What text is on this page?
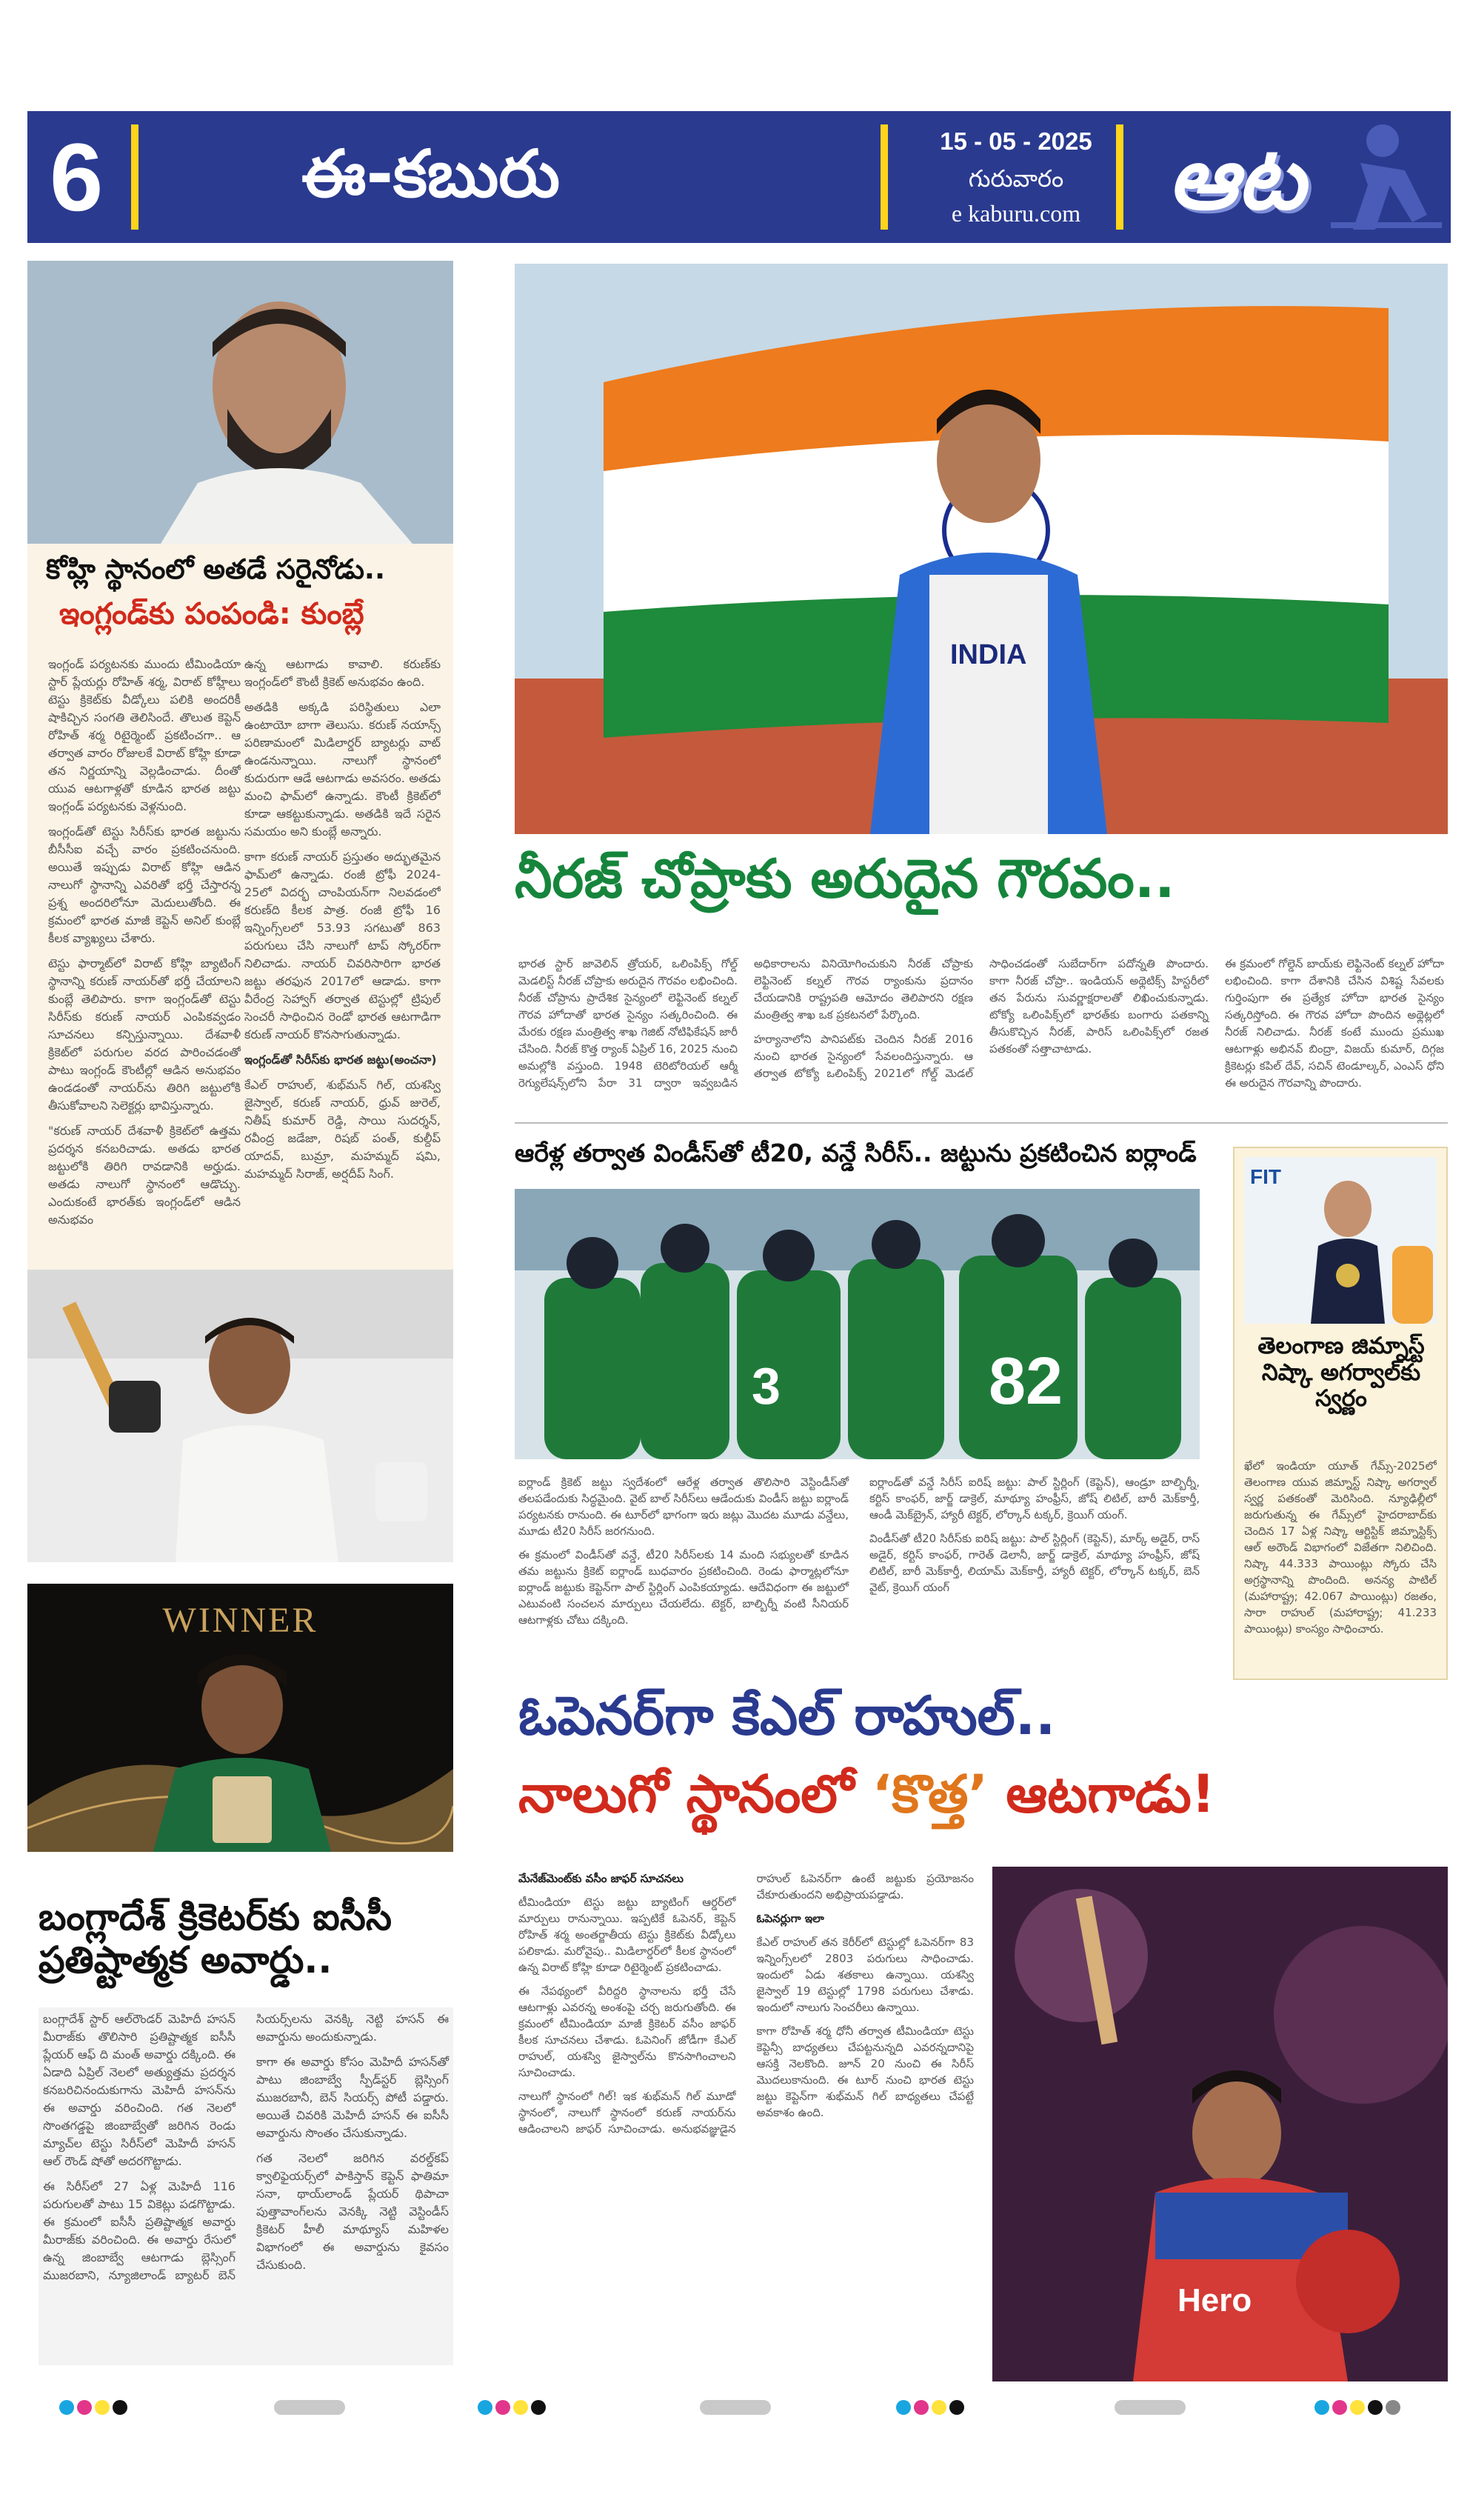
6	ఈ-కబురు	15 - 05 - 2025
గురువారం
e kaburu.com ఆట
కోహ్లి స్థానంలో అతడే సరైనోడు..
ఇంగ్లండ్‌కు పంపండి: కుంబ్లే

ఇంగ్లండ్ పర్యటనకు ముందు టీమిండియా స్టార్ ప్లేయర్లు రోహిత్ శర్మ, విరాట్ కోహ్లీలు టెస్టు క్రికెట్‌కు వీడ్కోలు పలికి అందరికీ షాకిచ్చిన సంగతి తెలిసిందే. తొలుత కెప్టెన్ రోహిత్ శర్మ రిటైర్మెంట్ ప్రకటించగా.. ఆ తర్వాత వారం రోజులకే విరాట్ కోహ్లి కూడా తన నిర్ణయాన్ని వెల్లడించాడు. దీంతో యువ ఆటగాళ్లతో కూడిన భారత జట్టు ఇంగ్లండ్ పర్యటనకు వెళ్లనుంది.

ఇంగ్లండ్‌తో టెస్టు సిరీస్‌కు భారత జట్టును బీసీసీఐ వచ్చే వారం ప్రకటించనుంది. అయితే ఇప్పుడు విరాట్ కోహ్లి ఆడిన నాలుగో స్థానాన్ని ఎవరితో భర్తీ చేస్తారన్న ప్రశ్న అందరిలోనూ మెదులుతోంది. ఈ క్రమంలో భారత మాజీ కెప్టెన్ అనిల్ కుంబ్లే కీలక వ్యాఖ్యలు చేశారు.

టెస్టు ఫార్మాట్‌లో విరాట్ కోహ్లి బ్యాటింగ్ స్థానాన్ని కరుణ్ నాయర్‌తో భర్తీ చేయాలని కుంబ్లే తెలిపారు. కాగా ఇంగ్లండ్‌తో టెస్టు సిరీస్‌కు కరుణ్ నాయర్ ఎంపికవ్వడం సూచనలు కన్పిస్తున్నాయి. దేశవాళీ క్రికెట్‌లో పరుగుల వరద పారించడంతో పాటు ఇంగ్లండ్ కౌంటీల్లో ఆడిన అనుభవం ఉండడంతో నాయర్‌ను తిరిగి జట్టులోకి తీసుకోవాలని సెలెక్టర్లు భావిస్తున్నారు.

"కరుణ్ నాయర్ దేశవాళీ క్రికెట్‌లో ఉత్తమ ప్రదర్శన కనబరిచాడు. అతడు భారత జట్టులోకి తిరిగి రావడానికి అర్హుడు. అతడు నాలుగో స్థానంలో ఆడొచ్చు. ఎందుకంటే భారత్‌కు ఇంగ్లండ్‌లో ఆడిన అనుభవం

ఉన్న ఆటగాడు కావాలి. కరుణ్‌కు ఇంగ్లండ్‌లో కౌంటీ క్రికెట్ అనుభవం ఉంది.

అతడికి అక్కడి పరిస్థితులు ఎలా ఉంటాయో బాగా తెలుసు. కరుణ్ నయాన్స్ పరిణామంలో మిడిలార్డర్ బ్యాటర్లు వాట్ ఉండనున్నాయి. నాలుగో స్థానంలో కుదురుగా ఆడే ఆటగాడు అవసరం. అతడు మంచి ఫామ్‌లో ఉన్నాడు. కౌంటీ క్రికెట్‌లో కూడా ఆకట్టుకున్నాడు. అతడికి ఇదే సరైన సమయం అని కుంబ్లే అన్నారు.

కాగా కరుణ్ నాయర్ ప్రస్తుతం అద్భుతమైన ఫామ్‌లో ఉన్నాడు. రంజీ ట్రోఫీ 2024-25లో విదర్భ చాంపియన్‌గా నిలవడంలో కరుణ్‌ది కీలక పాత్ర. రంజీ ట్రోఫీ 16 ఇన్నింగ్స్‌లలో 53.93 సగటుతో 863 పరుగులు చేసి నాలుగో టాప్ స్కోరర్‌గా నిలిచాడు. నాయర్ చివరిసారిగా భారత జట్టు తరఫున 2017లో ఆడాడు. కాగా వీరేంద్ర సెహ్వాగ్ తర్వాత టెస్టుల్లో ట్రిపుల్ సెంచరీ సాధించిన రెండో భారత ఆటగాడిగా కరుణ్ నాయర్ కొనసాగుతున్నాడు.

ఇంగ్లండ్‌తో సిరీస్‌కు భారత జట్టు(అంచనా)

కేఎల్ రాహుల్, శుభ్‌మన్ గిల్, యశస్వి జైస్వాల్, కరుణ్ నాయర్, ధ్రువ్ జురెల్, నితీష్ కుమార్ రెడ్డి, సాయి సుదర్శన్, రవీంద్ర జడేజా, రిషబ్ పంత్, కుల్దీప్ యాదవ్, బుమ్రా, మహమ్మద్ షమి, మహమ్మద్ సిరాజ్, అర్షదీప్ సింగ్.

WINNER
బంగ్లాదేశ్ క్రికెటర్‌కు ఐసీసీ ప్రతిష్టాత్మక అవార్డు..

బంగ్లాదేశ్ స్టార్ ఆల్‌రౌండర్ మెహిదీ హసన్ మీరాజ్‌కు తొలిసారి ప్రతిష్టాత్మక ఐసీసీ ప్లేయర్ ఆఫ్ ది మంత్ అవార్డు దక్కింది. ఈ ఏడాది ఏప్రిల్ నెలలో అత్యుత్తమ ప్రదర్శన కనబరిచినందుకుగాను మెహిదీ హసన్‌ను ఈ అవార్డు వరించింది. గత నెలలో సొంతగడ్డపై జింబాబ్వేతో జరిగిన రెండు మ్యాచ్‌ల టెస్టు సిరీస్‌లో మెహిదీ హసన్ ఆల్ రౌండ్ షోతో అదరగొట్టాడు.

ఈ సిరీస్‌లో 27 ఏళ్ల మెహిదీ 116 పరుగులతో పాటు 15 వికెట్లు పడగొట్టాడు. ఈ క్రమంలో ఐసీసీ ప్రతిష్టాత్మక అవార్డు మీరాజ్‌కు వరించింది. ఈ అవార్డు రేసులో ఉన్న జింబాబ్వే ఆటగాడు బ్లెస్సింగ్ ముజరబాని, న్యూజిలాండ్ బ్యాటర్ బెన్ సియర్స్‌లను వెనక్కి నెట్టి హసన్ ఈ అవార్డును అందుకున్నాడు.

కాగా ఈ అవార్డు కోసం మెహిదీ హసన్‌తో పాటు జింబాబ్వే స్పీడ్‌స్టర్ బ్లెస్సింగ్ ముజరబానీ, బెన్ సియర్స్ పోటీ పడ్డారు. అయితే చివరికి మెహిదీ హసన్ ఈ ఐసీసీ అవార్డును సొంతం చేసుకున్నాడు.

గత నెలలో జరిగిన వరల్డ్‌కప్ క్వాలిఫైయర్స్‌లో పాకిస్తాన్ కెప్టెన్ ఫాతిమా సనా, థాయ్‌లాండ్ ప్లేయర్ థిపాచా పుత్తావాంగ్‌లను వెనక్కి నెట్టి వెస్టిండీస్ క్రికెటర్ హీలీ మాథ్యూస్ మహిళల విభాగంలో ఈ అవార్డును కైవసం చేసుకుంది.

INDIA
నీరజ్ చోప్రాకు అరుదైన గౌరవం..

భారత స్టార్ జావెలిన్ త్రోయర్, ఒలింపిక్స్ గోల్డ్ మెడలిస్ట్ నీరజ్ చోప్రాకు అరుదైన గౌరవం లభించింది. నీరజ్ చోప్రాను ప్రాదేశిక సైన్యంలో లెఫ్టినెంట్ కల్నల్ గౌరవ హోదాతో భారత సైన్యం సత్కరించింది. ఈ మేరకు రక్షణ మంత్రిత్వ శాఖ గెజిట్ నోటిఫికేషన్ జారీ చేసింది. నీరజ్ కొత్త ర్యాంక్ ఏప్రిల్ 16, 2025 నుంచి అమల్లోకి వస్తుంది. 1948 టెరిటోరియల్ ఆర్మీ రెగ్యులేషన్స్‌లోని పేరా 31 ద్వారా ఇవ్వబడిన అధికారాలను వినియోగించుకుని నీరజ్ చోప్రాకు లెఫ్టినెంట్ కల్నల్ గౌరవ ర్యాంకును ప్రదానం చేయడానికి రాష్ట్రపతి ఆమోదం తెలిపారని రక్షణ మంత్రిత్వ శాఖ ఒక ప్రకటనలో పేర్కొంది.

హర్యానాలోని పానిపట్‌కు చెందిన నీరజ్ 2016 నుంచి భారత సైన్యంలో సేవలందిస్తున్నారు. ఆ తర్వాత టోక్యో ఒలింపిక్స్ 2021లో గోల్డ్ మెడల్ సాధించడంతో సుబేదార్‌గా పదోన్నతి పొందారు. కాగా నీరజ్ చోప్రా.. ఇండియన్ అథ్లెటిక్స్ హిస్టరీలో తన పేరును సువర్ణాక్షరాలతో లిఖించుకున్నాడు. టోక్యో ఒలింపిక్స్‌లో భారత్‌కు బంగారు పతకాన్ని తీసుకొచ్చిన నీరజ్, పారిస్ ఒలింపిక్స్‌లో రజత పతకంతో సత్తాచాటాడు.

ఈ క్రమంలో గోల్డెన్ బాయ్‌కు లెఫ్టినెంట్ కల్నల్ హోదా లభించింది. కాగా దేశానికి చేసిన విశిష్ట సేవలకు గుర్తింపుగా ఈ ప్రత్యేక హోదా భారత సైన్యం సత్కరిస్తోంది. ఈ గౌరవ హోదా పొందిన అథ్లెట్లలో నీరజ్ నిలిచాడు. నీరజ్ కంటే ముందు ప్రముఖ ఆటగాళ్లు అభినవ్ బింద్రా, విజయ్ కుమార్, దిగ్గజ క్రికెటర్లు కపిల్ దేవ్, సచిన్ టెండూల్కర్, ఎంఎస్ ధోని ఈ అరుదైన గౌరవాన్ని పొందారు.

ఆరేళ్ల తర్వాత విండీస్‌తో టీ20, వన్డే సిరీస్.. జట్టును ప్రకటించిన ఐర్లాండ్
3	82

ఐర్లాండ్ క్రికెట్ జట్టు స్వదేశంలో ఆరేళ్ల తర్వాత తొలిసారి వెస్టిండీస్‌తో తలపడేందుకు సిద్ధమైంది. వైట్ బాల్ సిరీస్‌లు ఆడేందుకు విండీస్ జట్టు ఐర్లాండ్ పర్యటనకు రానుంది. ఈ టూర్‌లో భాగంగా ఇరు జట్లు మొదట మూడు వన్డేలు, మూడు టీ20 సిరీస్ జరగనుంది.

ఈ క్రమంలో విండీస్‌తో వన్డే, టీ20 సిరీస్‌లకు 14 మంది సభ్యులతో కూడిన తమ జట్టును క్రికెట్ ఐర్లాండ్ బుధవారం ప్రకటించింది. రెండు ఫార్మాట్లలోనూ ఐర్లాండ్ జట్టుకు కెప్టెన్‌గా పాల్ స్టిర్లింగ్ ఎంపికయ్యాడు. ఆదేవిధంగా ఈ జట్టులో ఎటువంటి సంచలన మార్పులు చేయలేదు. టెక్టర్, బాల్బిర్నీ వంటి సీనియర్ ఆటగాళ్లకు చోటు దక్కింది.

ఐర్లాండ్‌తో వన్డే సిరీస్ ఐరిష్ జట్టు: పాల్ స్టిర్లింగ్ (కెప్టెన్), ఆండ్రూ బాల్బిర్నీ, కర్టిస్ కాంఫర్, జార్జ్ డాక్రెల్, మాథ్యూ హంఫ్రీస్, జోష్ లిటిల్, బారీ మెక్‌కార్తీ, ఆండీ మెక్‌బ్రైన్, హ్యారీ టెక్టర్, లోర్కాన్ టక్కర్, క్రెయిగ్ యంగ్.

విండీస్‌తో టీ20 సిరీస్‌కు ఐరిష్ జట్టు: పాల్ స్టిర్లింగ్ (కెప్టెన్), మార్క్ అడైర్, రాస్ అడైర్, కర్టిస్ కాంఫర్, గారెత్ డెలానీ, జార్జ్ డాక్రెల్, మాథ్యూ హంఫ్రీస్, జోష్ లిటిల్, బారీ మెక్‌కార్తీ, లియామ్ మెక్‌కార్తీ, హ్యారీ టెక్టర్, లోర్కాన్ టక్కర్, బెన్ వైట్, క్రెయిగ్ యంగ్

FIT
తెలంగాణ జిమ్నాస్ట్ నిష్కా అగర్వాల్‌కు స్వర్ణం

ఖేలో ఇండియా యూత్ గేమ్స్-2025లో తెలంగాణ యువ జిమ్నాస్ట్ నిష్కా అగర్వాల్ స్వర్ణ పతకంతో మెరిసింది. న్యూఢిల్లీలో జరుగుతున్న ఈ గేమ్స్‌లో హైదరాబాద్‌కు చెందిన 17 ఏళ్ల నిష్కా ఆర్టిస్టిక్ జిమ్నాస్టిక్స్ ఆల్ అరౌండ్ విభాగంలో విజేతగా నిలిచింది. నిష్కా 44.333 పాయింట్లు స్కోరు చేసి అగ్రస్థానాన్ని పొందింది. అనన్య పాటిల్ (మహారాష్ట్ర; 42.067 పాయింట్లు) రజతం, సారా రాహుల్ (మహారాష్ట్ర; 41.233 పాయింట్లు) కాంస్యం సాధించారు.

ఓపెనర్‌గా కేఎల్ రాహుల్..
నాలుగో స్థానంలో ‘కొత్త’ ఆటగాడు!

మేనేజ్‌మెంట్‌కు వసీం జాఫర్ సూచనలు

టీమిండియా టెస్టు జట్టు బ్యాటింగ్ ఆర్డర్‌లో మార్పులు రానున్నాయి. ఇప్పటికే ఓపెనర్, కెప్టెన్ రోహిత్ శర్మ అంతర్జాతీయ టెస్టు క్రికెట్‌కు వీడ్కోలు పలికాడు. మరోవైపు.. మిడిలార్డర్‌లో కీలక స్థానంలో ఉన్న విరాట్ కోహ్లి కూడా రిటైర్మెంట్ ప్రకటించాడు.

ఈ నేపథ్యంలో వీరిద్దరి స్థానాలను భర్తీ చేసే ఆటగాళ్లు ఎవరన్న అంశంపై చర్చ జరుగుతోంది. ఈ క్రమంలో టీమిండియా మాజీ క్రికెటర్ వసీం జాఫర్ కీలక సూచనలు చేశాడు. ఓపెనింగ్ జోడీగా కేఎల్ రాహుల్, యశస్వి జైస్వాల్‌ను కొనసాగించాలని సూచించాడు.

నాలుగో స్థానంలో గిల్! ఇక శుభ్‌మన్ గిల్ మూడో స్థానంలో, నాలుగో స్థానంలో కరుణ్ నాయర్‌ను ఆడించాలని జాఫర్ సూచించాడు. అనుభవజ్ఞుడైన రాహుల్ ఓపెనర్‌గా ఉంటే జట్టుకు ప్రయోజనం చేకూరుతుందని అభిప్రాయపడ్డాడు.

ఓపెనర్లుగా ఇలా

కేఎల్ రాహుల్ తన కెరీర్‌లో టెస్టుల్లో ఓపెనర్‌గా 83 ఇన్నింగ్స్‌లలో 2803 పరుగులు సాధించాడు. ఇందులో ఏడు శతకాలు ఉన్నాయి. యశస్వి జైస్వాల్ 19 టెస్టుల్లో 1798 పరుగులు చేశాడు. ఇందులో నాలుగు సెంచరీలు ఉన్నాయి.

కాగా రోహిత్ శర్మ ధోనీ తర్వాత టీమిండియా టెస్టు కెప్టెన్సీ బాధ్యతలు చేపట్టనున్నది ఎవరన్నదానిపై ఆసక్తి నెలకొంది. జూన్ 20 నుంచి ఈ సిరీస్ మొదలుకానుంది. ఈ టూర్ నుంచి భారత టెస్టు జట్టు కెప్టెన్‌గా శుభ్‌మన్ గిల్ బాధ్యతలు చేపట్టే అవకాశం ఉంది.

Hero
